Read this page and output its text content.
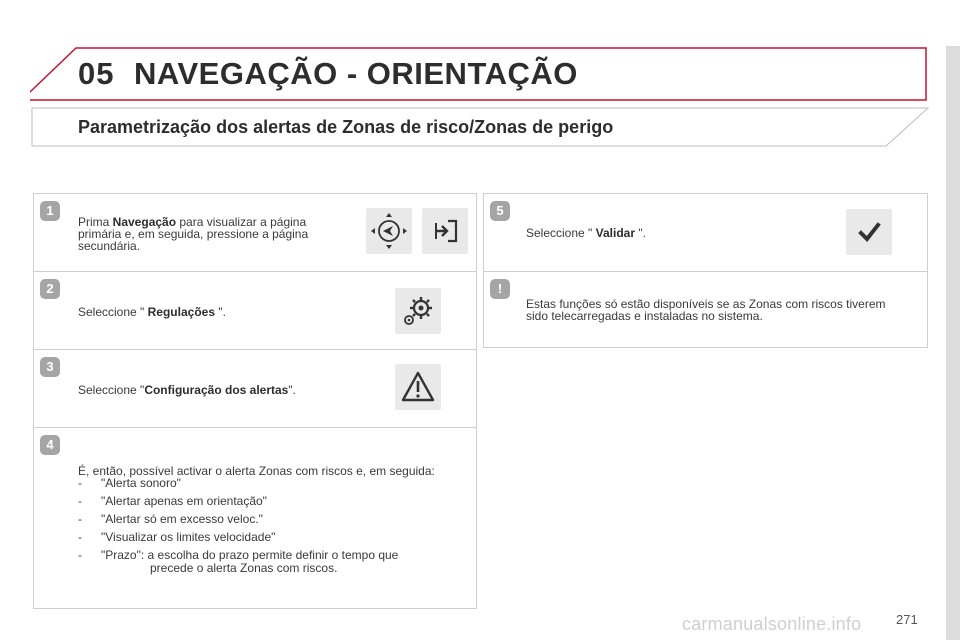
05 NAVEGAÇÃO - ORIENTAÇÃO
Parametrização dos alertas de Zonas de risco/Zonas de perigo
1
Prima Navegação para visualizar a página
primária e, em seguida, pressione a página
secundária.
2
Seleccione " Regulações ".
3
Seleccione "Configuração dos alertas".
4
É, então, possível activar o alerta Zonas com riscos e, em seguida:
-	"Alerta sonoro"
-	"Alertar apenas em orientação"
-	"Alertar só em excesso veloc."
-	"Visualizar os limites velocidade"
-	"Prazo": a escolha do prazo permite definir o tempo que
precede o alerta Zonas com riscos.
5
Seleccione " Validar ".
!
Estas funções só estão disponíveis se as Zonas com riscos tiverem
sido telecarregadas e instaladas no sistema.
carmanualsonline.info	271
